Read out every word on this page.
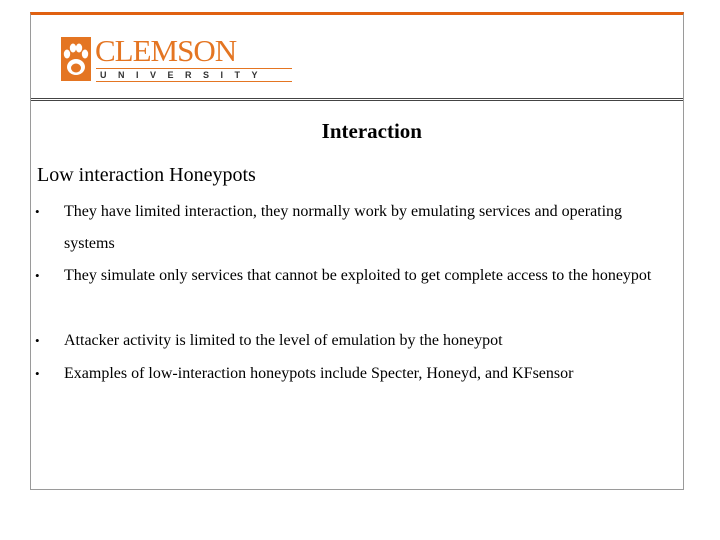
CLEMSON
UNIVERSITY
Interaction
Low interaction Honeypots
• They have limited interaction, they normally work by emulating services and operating systems
• They simulate only services that cannot be exploited to get complete access to the honeypot
• Attacker activity is limited to the level of emulation by the honeypot
• Examples of low-interaction honeypots include Specter, Honeyd, and KFsensor
